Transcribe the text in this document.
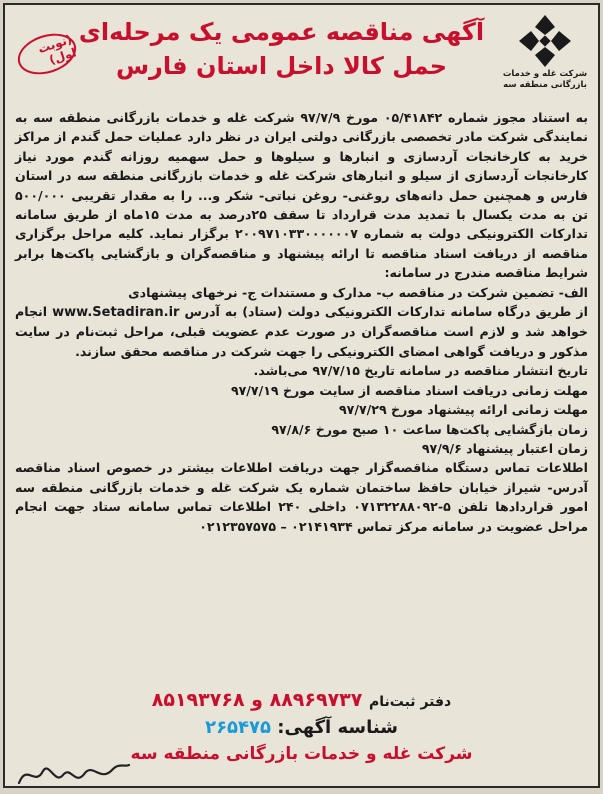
شرکت غله و خدمات
بازرگانی منطقه سه
آگهی مناقصه عمومی یک مرحله‌ای
حمل کالا داخل استان فارس
(نوبت اول)

به استناد مجوز شماره ۰۵/۴۱۸۴۲ مورخ ۹۷/۷/۹ شرکت غله و خدمات بازرگانی منطقه سه به نمایندگی شرکت مادر تخصصی بازرگانی دولتی ایران در نظر دارد عملیات حمل گندم از مراکز خرید به کارخانجات آردسازی و انبارها و سیلوها و حمل سهمیه روزانه گندم مورد نیاز کارخانجات آردسازی از سیلو و انبارهای شرکت غله و خدمات بازرگانی منطقه سه در استان فارس و همچنین حمل دانه‌های روغنی- روغن نباتی- شکر و... را به مقدار تقریبی ۵۰۰/۰۰۰ تن به مدت یکسال با تمدید مدت قرارداد تا سقف ۲۵درصد به مدت ۱۵ماه از طریق سامانه تدارکات الکترونیکی دولت به شماره ۲۰۰۹۷۱۰۳۳۰۰۰۰۰۰۷ برگزار نماید. کلیه مراحل برگزاری مناقصه از دریافت اسناد مناقصه تا ارائه پیشنهاد و مناقصه‌گران و بازگشایی پاکت‌ها برابر شرایط مناقصه مندرج در سامانه:

الف- تضمین شرکت در مناقصه ب- مدارک و مستندات ج- نرخهای پیشنهادی

از طریق درگاه سامانه تدارکات الکترونیکی دولت (ستاد) به آدرس www.Setadiran.ir انجام خواهد شد و لازم است مناقصه‌گران در صورت عدم عضویت قبلی، مراحل ثبت‌نام در سایت مذکور و دریافت گواهی امضای الکترونیکی را جهت شرکت در مناقصه محقق سازند.

تاریخ انتشار مناقصه در سامانه تاریخ ۹۷/۷/۱۵ می‌باشد.

مهلت زمانی دریافت اسناد مناقصه از سایت مورخ ۹۷/۷/۱۹

مهلت زمانی ارائه پیشنهاد مورخ ۹۷/۷/۲۹

زمان بازگشایی پاکت‌ها ساعت ۱۰ صبح مورخ ۹۷/۸/۶

زمان اعتبار پیشنهاد ۹۷/۹/۶

اطلاعات تماس دستگاه مناقصه‌گزار جهت دریافت اطلاعات بیشتر در خصوص اسناد مناقصه آدرس- شیراز خیابان حافظ ساختمان شماره یک شرکت غله و خدمات بازرگانی منطقه سه امور قراردادها تلفن ۵-۰۷۱۳۲۲۸۸۰۹۲ داخلی ۲۴۰ اطلاعات تماس سامانه ستاد جهت انجام مراحل عضویت در سامانه مرکز تماس ۰۲۱۴۱۹۳۴ – ۰۲۱۲۳۵۷۵۷۵

دفتر ثبت‌نام ۸۸۹۶۹۷۳۷ و ۸۵۱۹۳۷۶۸
شناسه آگهی: ۲۶۵۴۷۵
شرکت غله و خدمات بازرگانی منطقه سه
